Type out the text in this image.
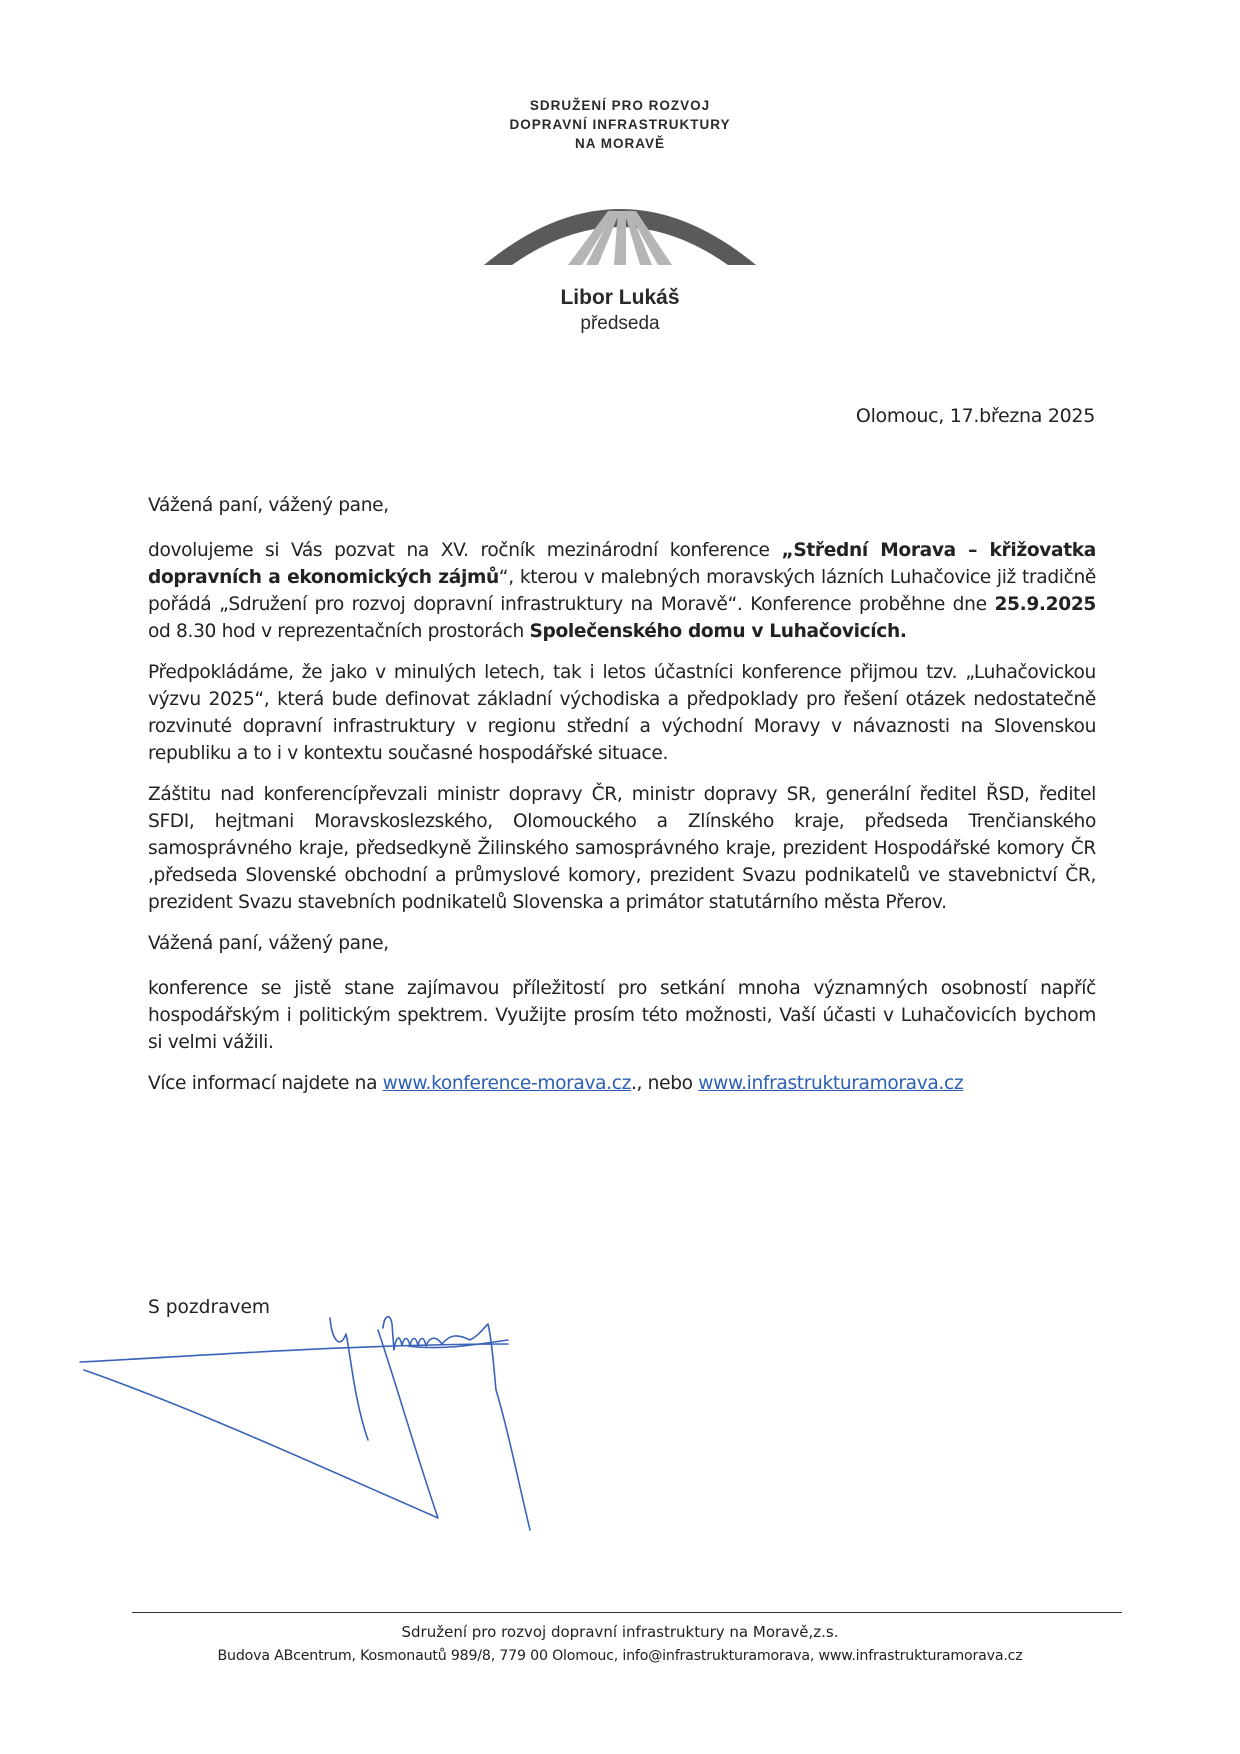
SDRUŽENÍ PRO ROZVOJ
DOPRAVNÍ INFRASTRUKTURY
NA MORAVĚ
Libor Lukáš
předseda
Olomouc, 17.března 2025

Vážená paní, vážený pane,

dovolujeme si Vás pozvat na XV. ročník mezinárodní konference „Střední Morava – křižovatka dopravních a ekonomických zájmů“, kterou v malebných moravských lázních Luhačovice již tradičně pořádá „Sdružení pro rozvoj dopravní infrastruktury na Moravě“. Konference proběhne dne 25.9.2025 od 8.30 hod v reprezentačních prostorách Společenského domu v Luhačovicích.

Předpokládáme, že jako v minulých letech, tak i letos účastníci konference přijmou tzv. „Luhačovickou výzvu 2025“, která bude definovat základní východiska a předpoklady pro řešení otázek nedostatečně rozvinuté dopravní infrastruktury v regionu střední a východní Moravy v návaznosti na Slovenskou republiku a to i v kontextu současné hospodářské situace.

Záštitu nad konferencípřevzali ministr dopravy ČR, ministr dopravy SR, generální ředitel ŘSD, ředitel SFDI, hejtmani Moravskoslezského, Olomouckého a Zlínského kraje, předseda Trenčianského samosprávného kraje, předsedkyně Žilinského samosprávného kraje, prezident Hospodářské komory ČR ,předseda Slovenské obchodní a průmyslové komory, prezident Svazu podnikatelů ve stavebnictví ČR, prezident Svazu stavebních podnikatelů Slovenska a primátor statutárního města Přerov.

Vážená paní, vážený pane,

konference se jistě stane zajímavou příležitostí pro setkání mnoha významných osobností napříč hospodářským i politickým spektrem. Využijte prosím této možnosti, Vaší účasti v Luhačovicích bychom si velmi vážili.

Více informací najdete na www.konference-morava.cz., nebo www.infrastrukturamorava.cz

S pozdravem
Sdružení pro rozvoj dopravní infrastruktury na Moravě,z.s.
Budova ABcentrum, Kosmonautů 989/8, 779 00 Olomouc, info@infrastrukturamorava, www.infrastrukturamorava.cz
